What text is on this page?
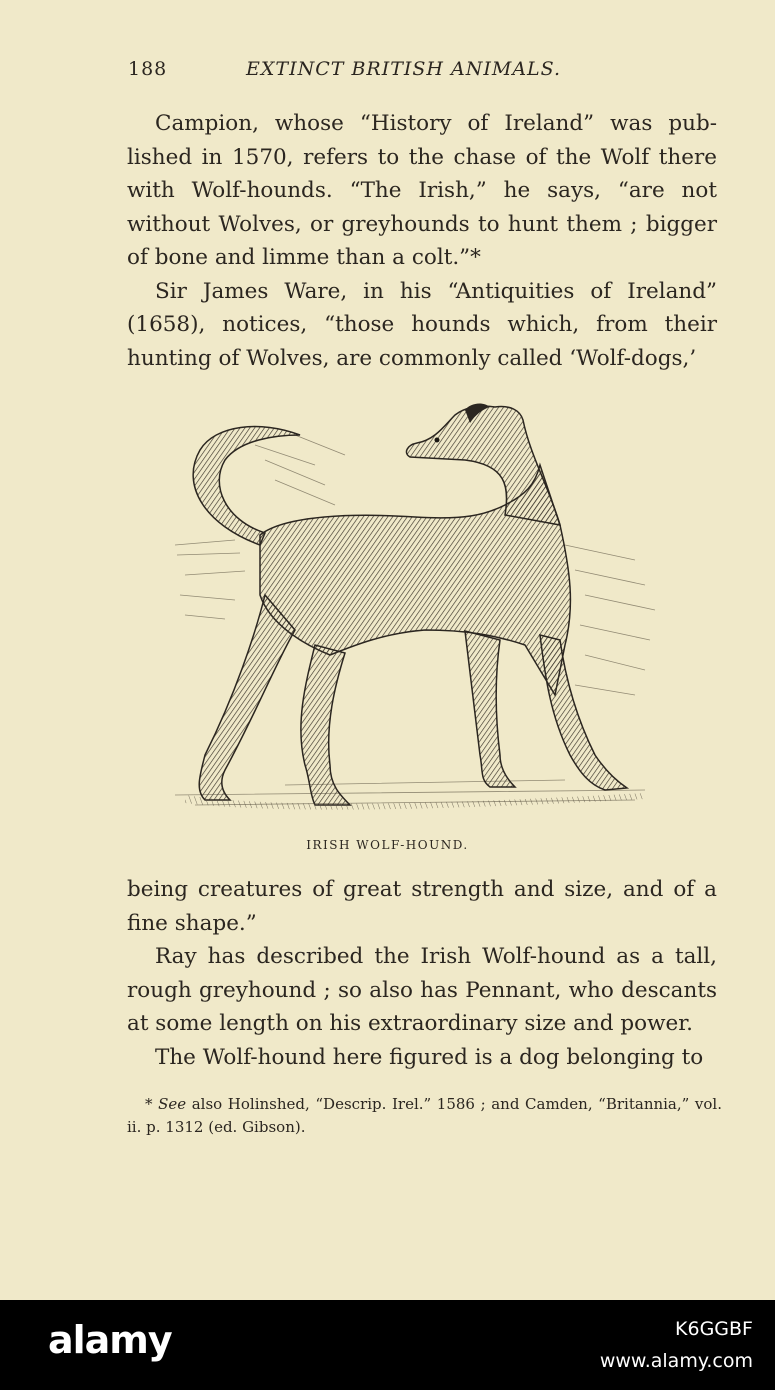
188	EXTINCT BRITISH ANIMALS.

Campion, whose “History of Ireland” was pub-lished in 1570, refers to the chase of the Wolf there with Wolf-hounds. “The Irish,” he says, “are not without Wolves, or greyhounds to hunt them ; bigger of bone and limme than a colt.”*

Sir James Ware, in his “Antiquities of Ireland” (1658), notices, “those hounds which, from their hunting of Wolves, are commonly called ‘Wolf-dogs,’

IRISH WOLF-HOUND.

being creatures of great strength and size, and of a fine shape.”

Ray has described the Irish Wolf-hound as a tall, rough greyhound ; so also has Pennant, who descants at some length on his extraordinary size and power.

The Wolf-hound here figured is a dog belonging to

* See also Holinshed, “Descrip. Irel.” 1586 ; and Camden, “Britannia,” vol. ii. p. 1312 (ed. Gibson).

alamy	K6GGBF
www.alamy.com
